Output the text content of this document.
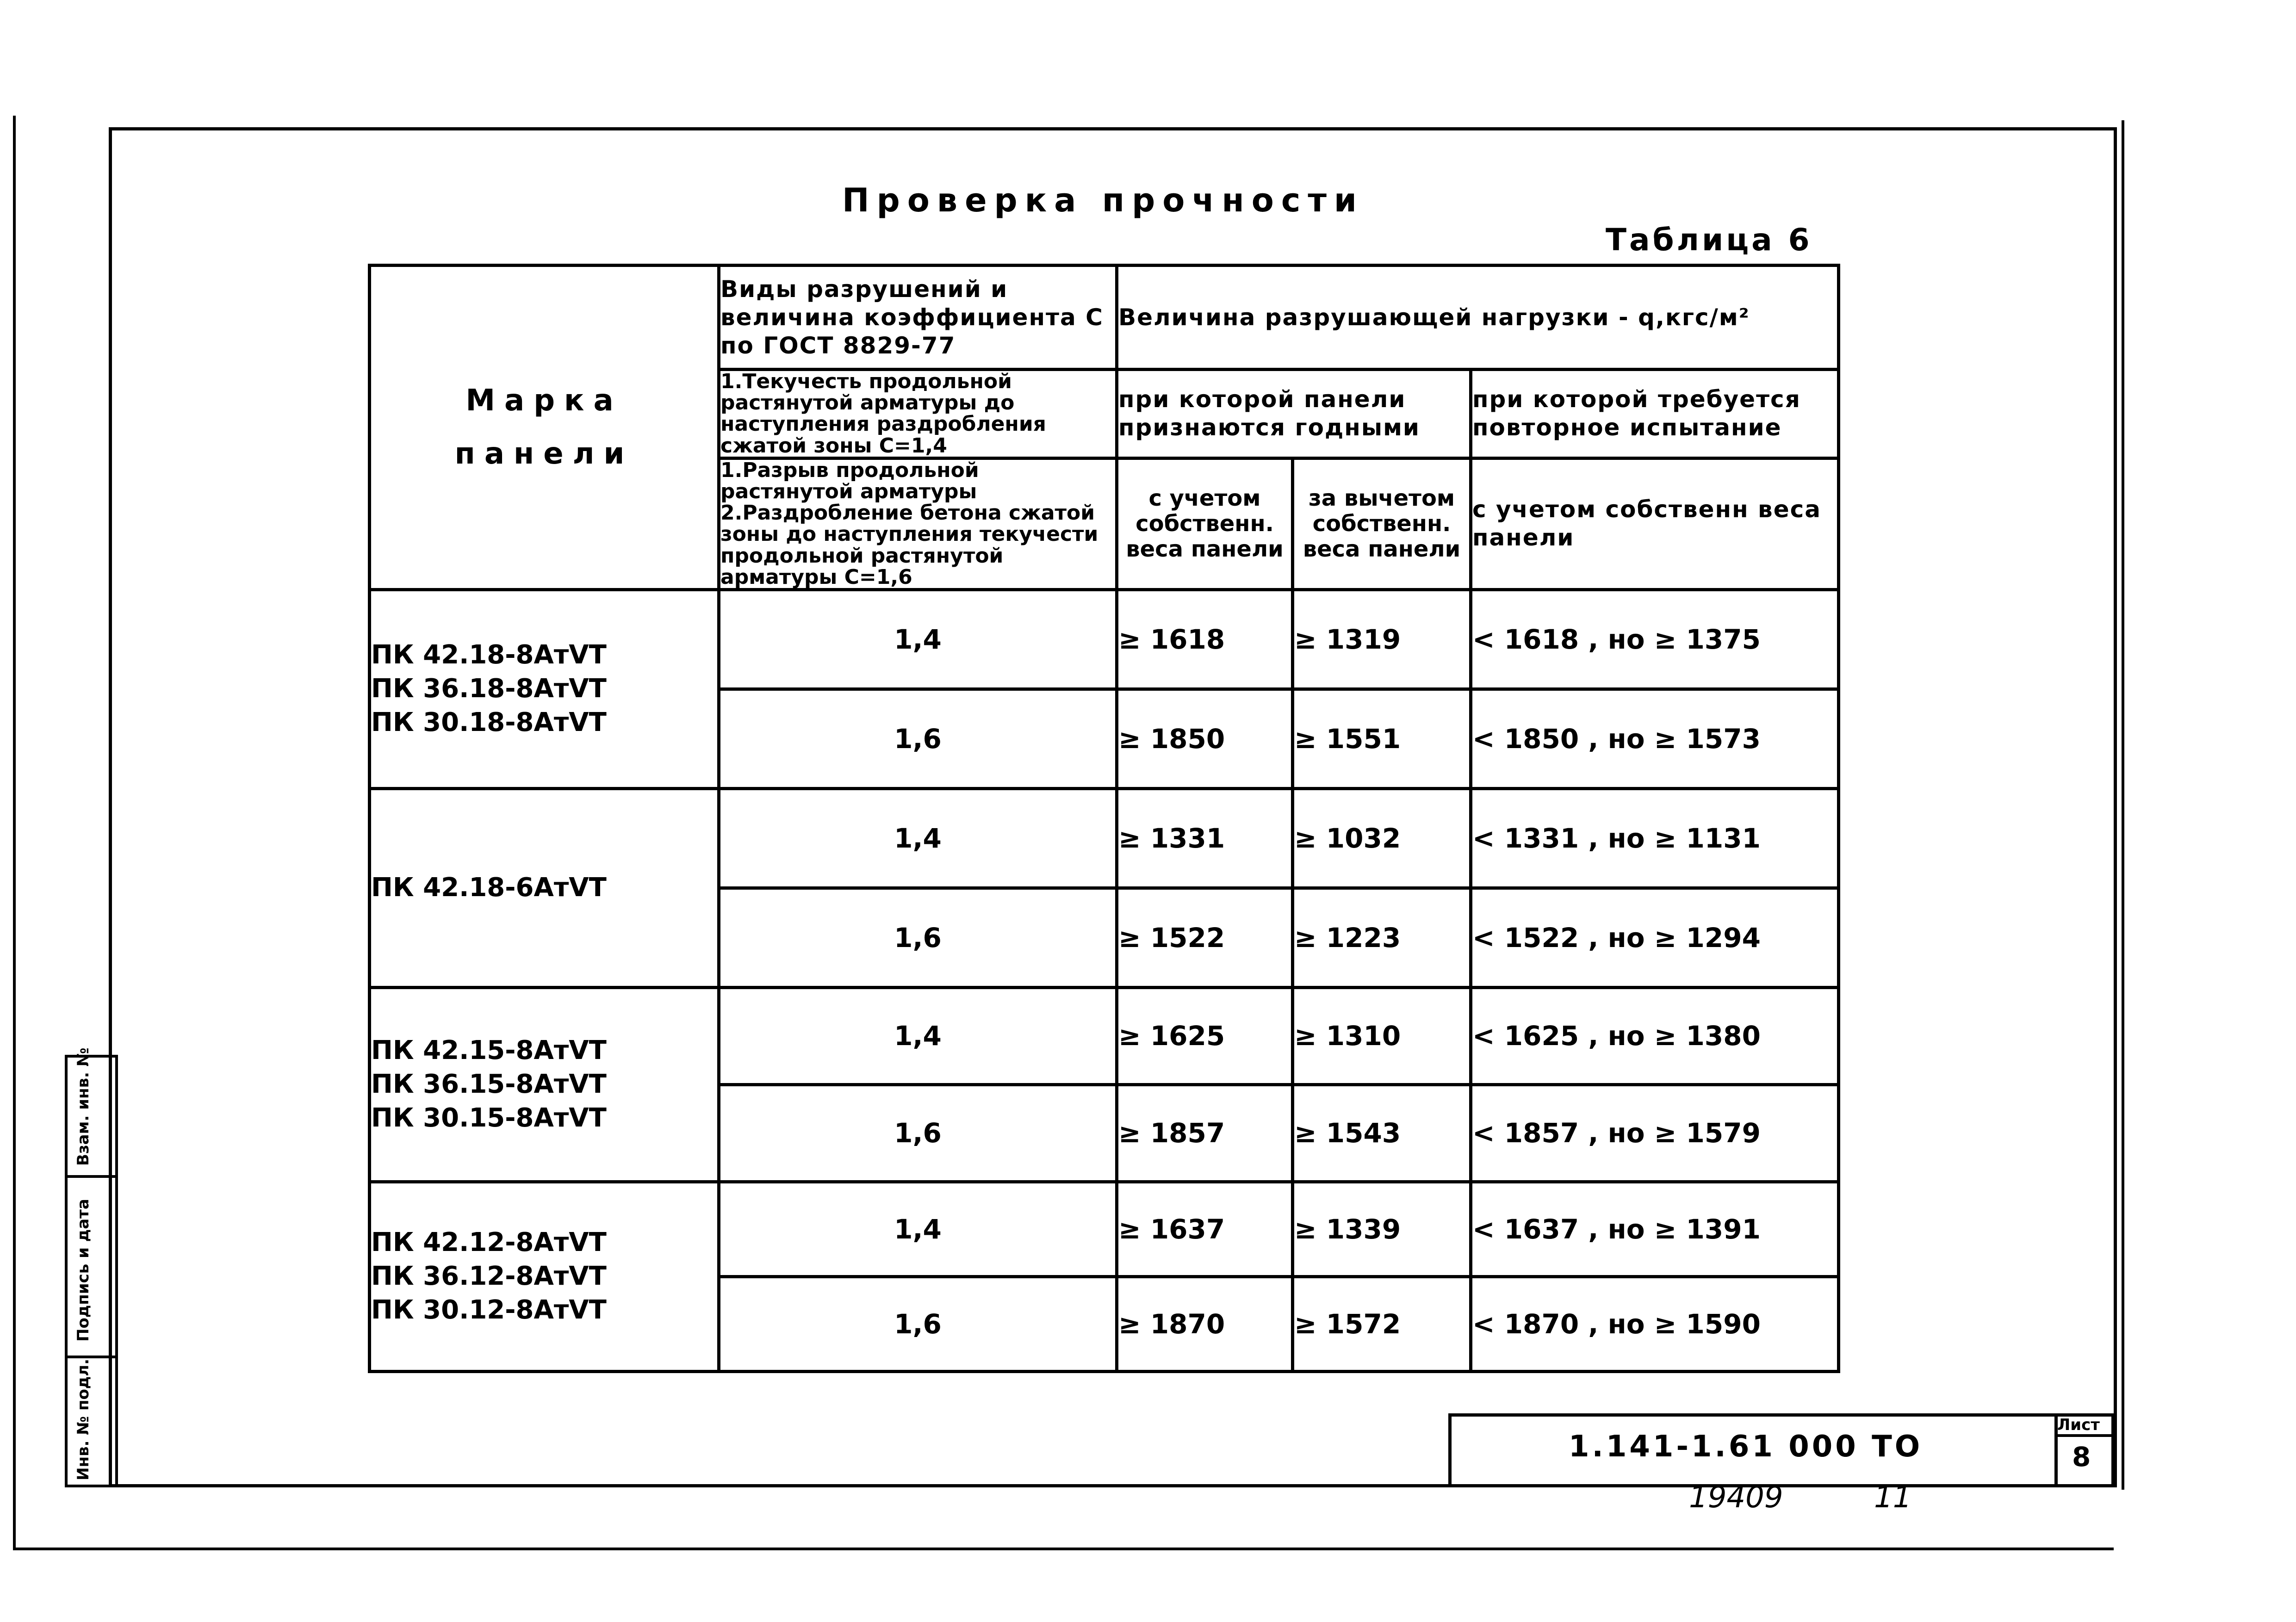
Проверка прочности
Таблица 6
Марка
панели	Виды разрушений и величина коэффициента С по ГОСТ 8829-77	Величина разрушающей нагрузки - q,кгс/м²		
	1.Текучесть продольной растянутой арматуры до наступления раздробления сжатой зоны С=1,4	при которой панели признаются годными		при которой требуется повторное испытание
	1.Разрыв продольной растянутой арматуры 2.Раздробление бетона сжатой зоны до наступления текучести продольной растянутой арматуры С=1,6	с учетом собственн. веса панели	за вычетом собственн. веса панели	с учетом собственн веса панели
ПК 42.18-8АтⅤТ
ПК 36.18-8АтⅤТ
ПК 30.18-8АтⅤТ	1,4	≥ 1618	≥ 1319	< 1618 , но ≥ 1375
	1,6	≥ 1850	≥ 1551	< 1850 , но ≥ 1573
ПК 42.18-6АтⅤТ	1,4	≥ 1331	≥ 1032	< 1331 , но ≥ 1131
	1,6	≥ 1522	≥ 1223	< 1522 , но ≥ 1294
ПК 42.15-8АтⅤТ
ПК 36.15-8АтⅤТ
ПК 30.15-8АтⅤТ	1,4	≥ 1625	≥ 1310	< 1625 , но ≥ 1380
	1,6	≥ 1857	≥ 1543	< 1857 , но ≥ 1579
ПК 42.12-8АтⅤТ
ПК 36.12-8АтⅤТ
ПК 30.12-8АтⅤТ	1,4	≥ 1637	≥ 1339	< 1637 , но ≥ 1391
	1,6	≥ 1870	≥ 1572	< 1870 , но ≥ 1590
1.141-1.61 000 ТО
Лист
8
19409	11
Инв. № подл.
Подпись и дата
Взам. инв. №
